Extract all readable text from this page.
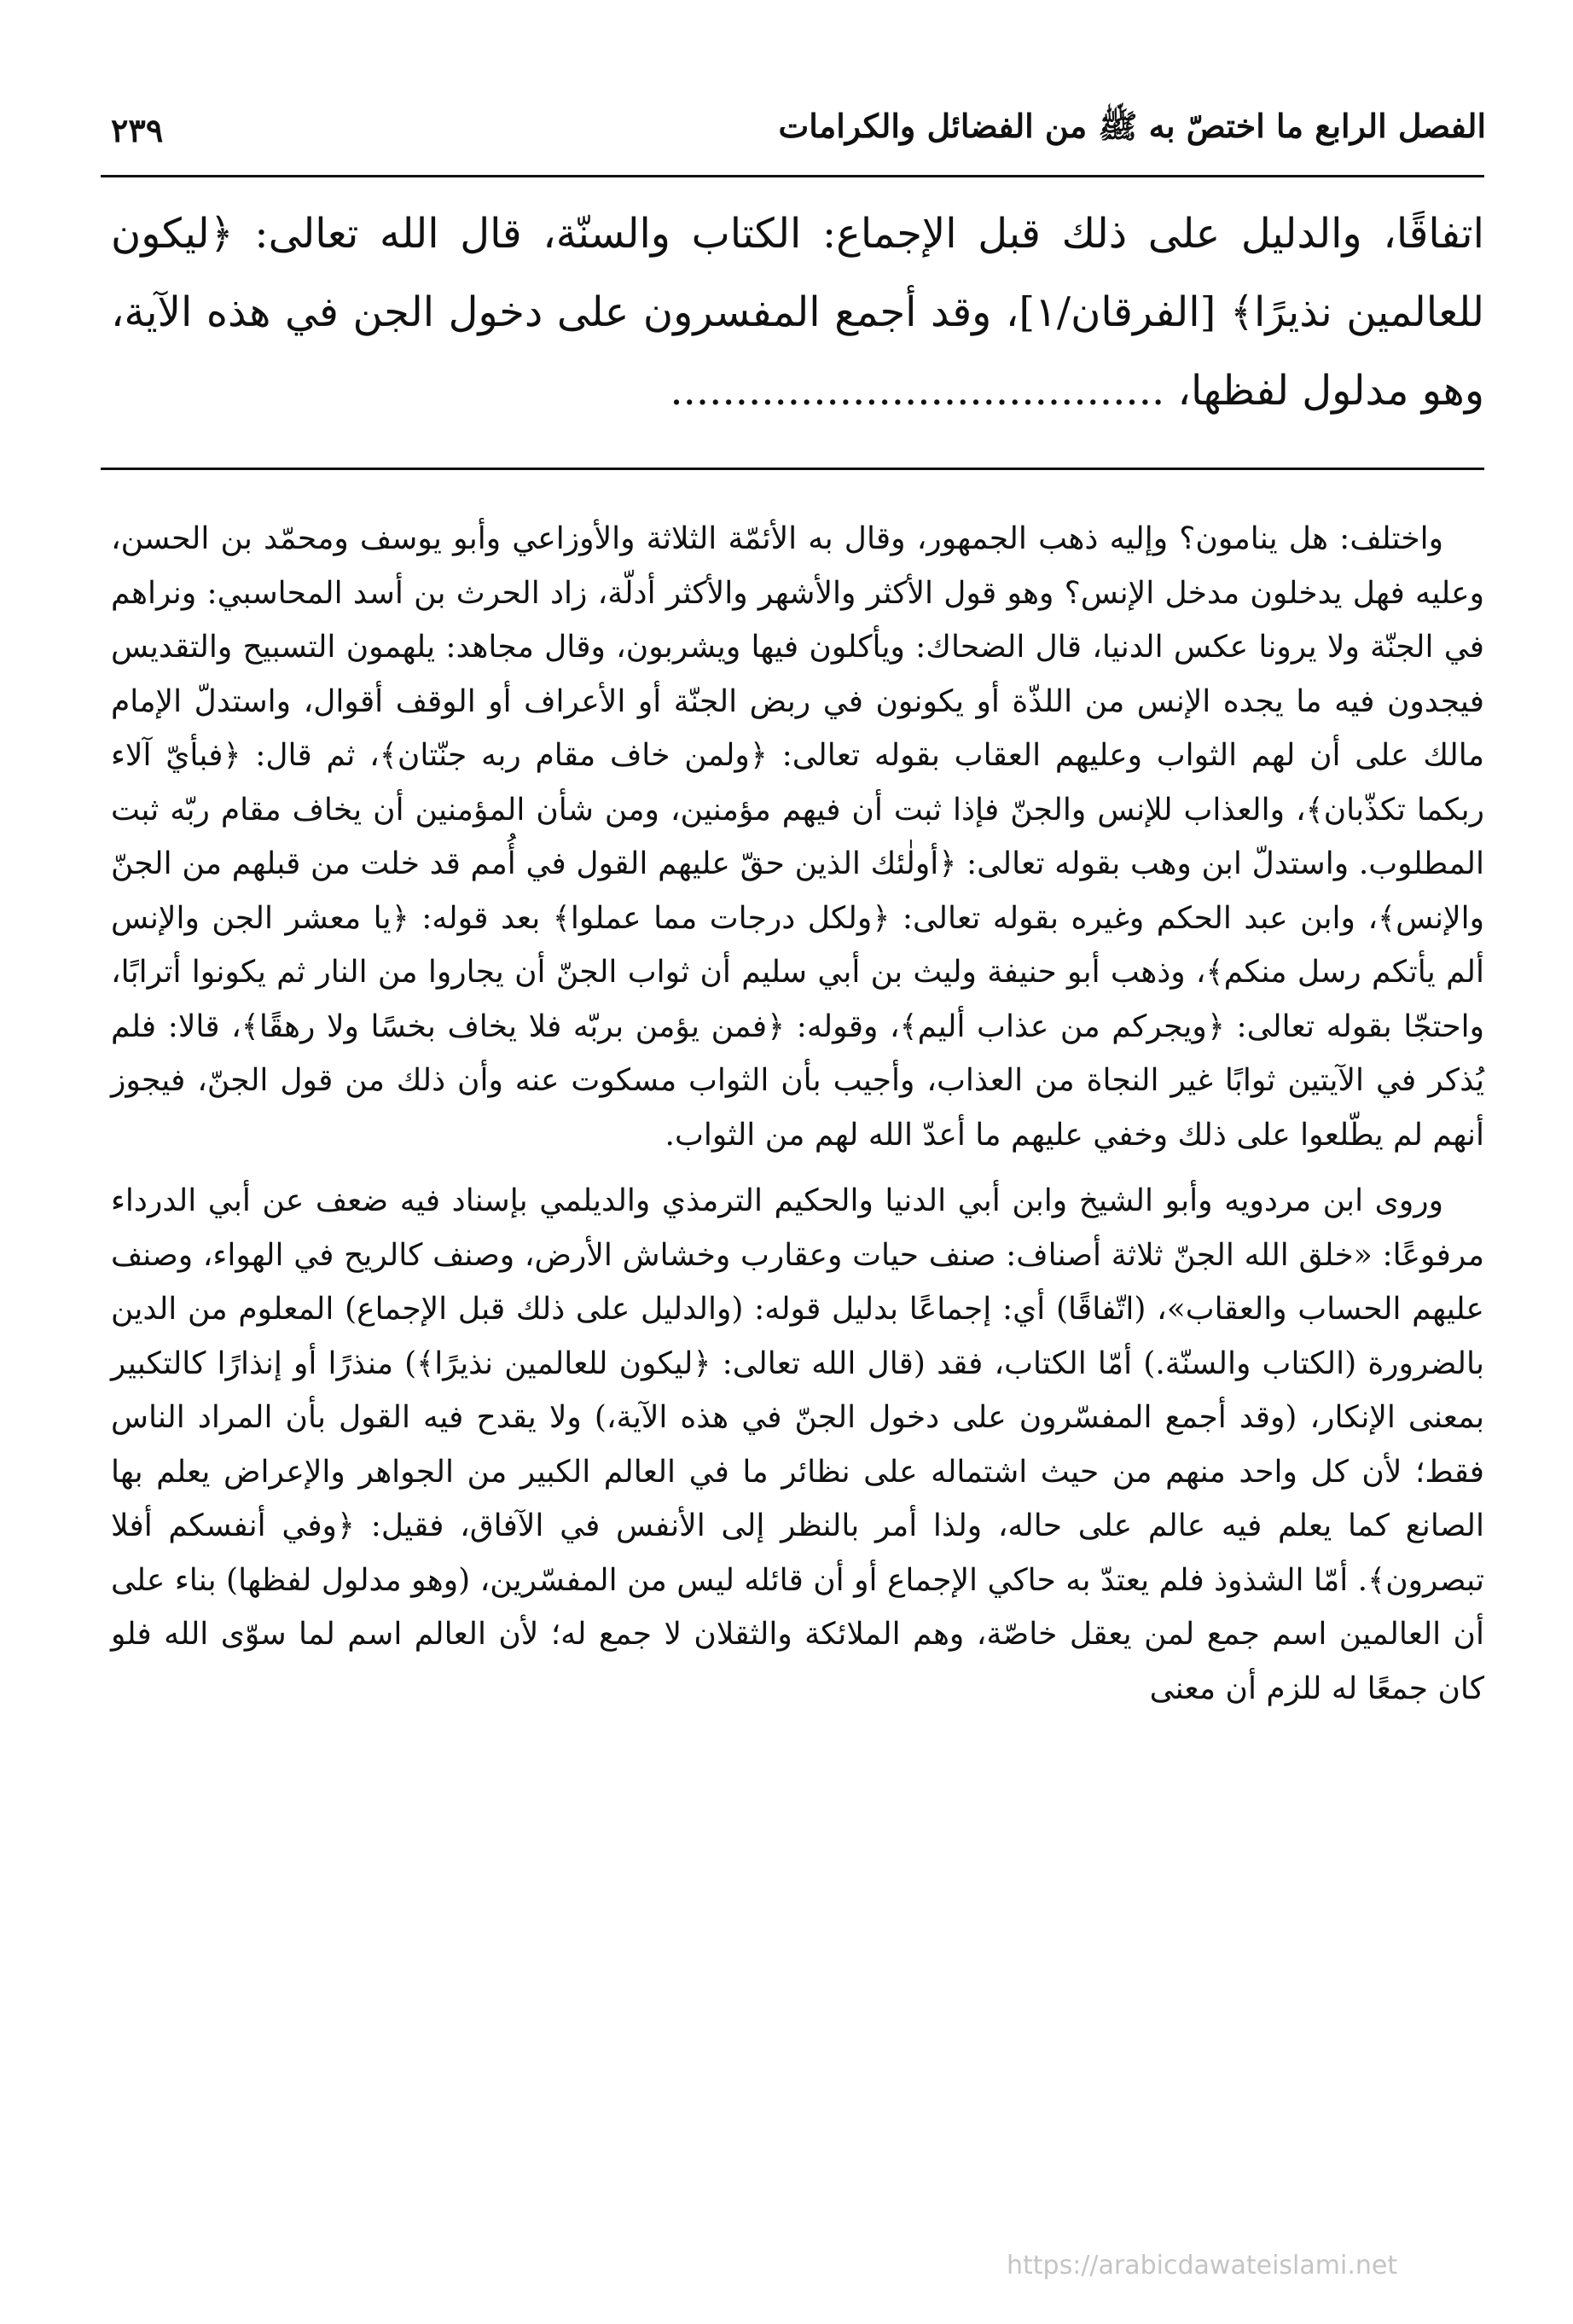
الفصل الرابع ما اختصّ به ﷺ من الفضائل والكرامات
٢٣٩
اتفاقًا، والدليل على ذلك قبل الإجماع: الكتاب والسنّة، قال الله تعالى: ﴿ليكون للعالمين نذيرًا﴾ [الفرقان/١]، وقد أجمع المفسرون على دخول الجن في هذه الآية، وهو مدلول لفظها، ......................................

واختلف: هل ينامون؟ وإليه ذهب الجمهور، وقال به الأئمّة الثلاثة والأوزاعي وأبو يوسف ومحمّد بن الحسن، وعليه فهل يدخلون مدخل الإنس؟ وهو قول الأكثر والأشهر والأكثر أدلّة، زاد الحرث بن أسد المحاسبي: ونراهم في الجنّة ولا يرونا عكس الدنيا، قال الضحاك: ويأكلون فيها ويشربون، وقال مجاهد: يلهمون التسبيح والتقديس فيجدون فيه ما يجده الإنس من اللذّة أو يكونون في ربض الجنّة أو الأعراف أو الوقف أقوال، واستدلّ الإمام مالك على أن لهم الثواب وعليهم العقاب بقوله تعالى: ﴿ولمن خاف مقام ربه جنّتان﴾، ثم قال: ﴿فبأيّ آلاء ربكما تكذّبان﴾، والعذاب للإنس والجنّ فإذا ثبت أن فيهم مؤمنين، ومن شأن المؤمنين أن يخاف مقام ربّه ثبت المطلوب. واستدلّ ابن وهب بقوله تعالى: ﴿أولٰئك الذين حقّ عليهم القول في أُمم قد خلت من قبلهم من الجنّ والإنس﴾، وابن عبد الحكم وغيره بقوله تعالى: ﴿ولكل درجات مما عملوا﴾ بعد قوله: ﴿يا معشر الجن والإنس ألم يأتكم رسل منكم﴾، وذهب أبو حنيفة وليث بن أبي سليم أن ثواب الجنّ أن يجاروا من النار ثم يكونوا أترابًا، واحتجّا بقوله تعالى: ﴿ويجركم من عذاب أليم﴾، وقوله: ﴿فمن يؤمن بربّه فلا يخاف بخسًا ولا رهقًا﴾، قالا: فلم يُذكر في الآيتين ثوابًا غير النجاة من العذاب، وأجيب بأن الثواب مسكوت عنه وأن ذلك من قول الجنّ، فيجوز أنهم لم يطّلعوا على ذلك وخفي عليهم ما أعدّ الله لهم من الثواب.

وروى ابن مردويه وأبو الشيخ وابن أبي الدنيا والحكيم الترمذي والديلمي بإسناد فيه ضعف عن أبي الدرداء مرفوعًا: «خلق الله الجنّ ثلاثة أصناف: صنف حيات وعقارب وخشاش الأرض، وصنف كالريح في الهواء، وصنف عليهم الحساب والعقاب»، (اتّفاقًا) أي: إجماعًا بدليل قوله: (والدليل على ذلك قبل الإجماع) المعلوم من الدين بالضرورة (الكتاب والسنّة.) أمّا الكتاب، فقد (قال الله تعالى: ﴿ليكون للعالمين نذيرًا﴾) منذرًا أو إنذارًا كالتكبير بمعنى الإنكار، (وقد أجمع المفسّرون على دخول الجنّ في هذه الآية،) ولا يقدح فيه القول بأن المراد الناس فقط؛ لأن كل واحد منهم من حيث اشتماله على نظائر ما في العالم الكبير من الجواهر والإعراض يعلم بها الصانع كما يعلم فيه عالم على حاله، ولذا أمر بالنظر إلى الأنفس في الآفاق، فقيل: ﴿وفي أنفسكم أفلا تبصرون﴾. أمّا الشذوذ فلم يعتدّ به حاكي الإجماع أو أن قائله ليس من المفسّرين، (وهو مدلول لفظها) بناء على أن العالمين اسم جمع لمن يعقل خاصّة، وهم الملائكة والثقلان لا جمع له؛ لأن العالم اسم لما سوّى الله فلو كان جمعًا له للزم أن معنى

https://arabicdawateislami.net
